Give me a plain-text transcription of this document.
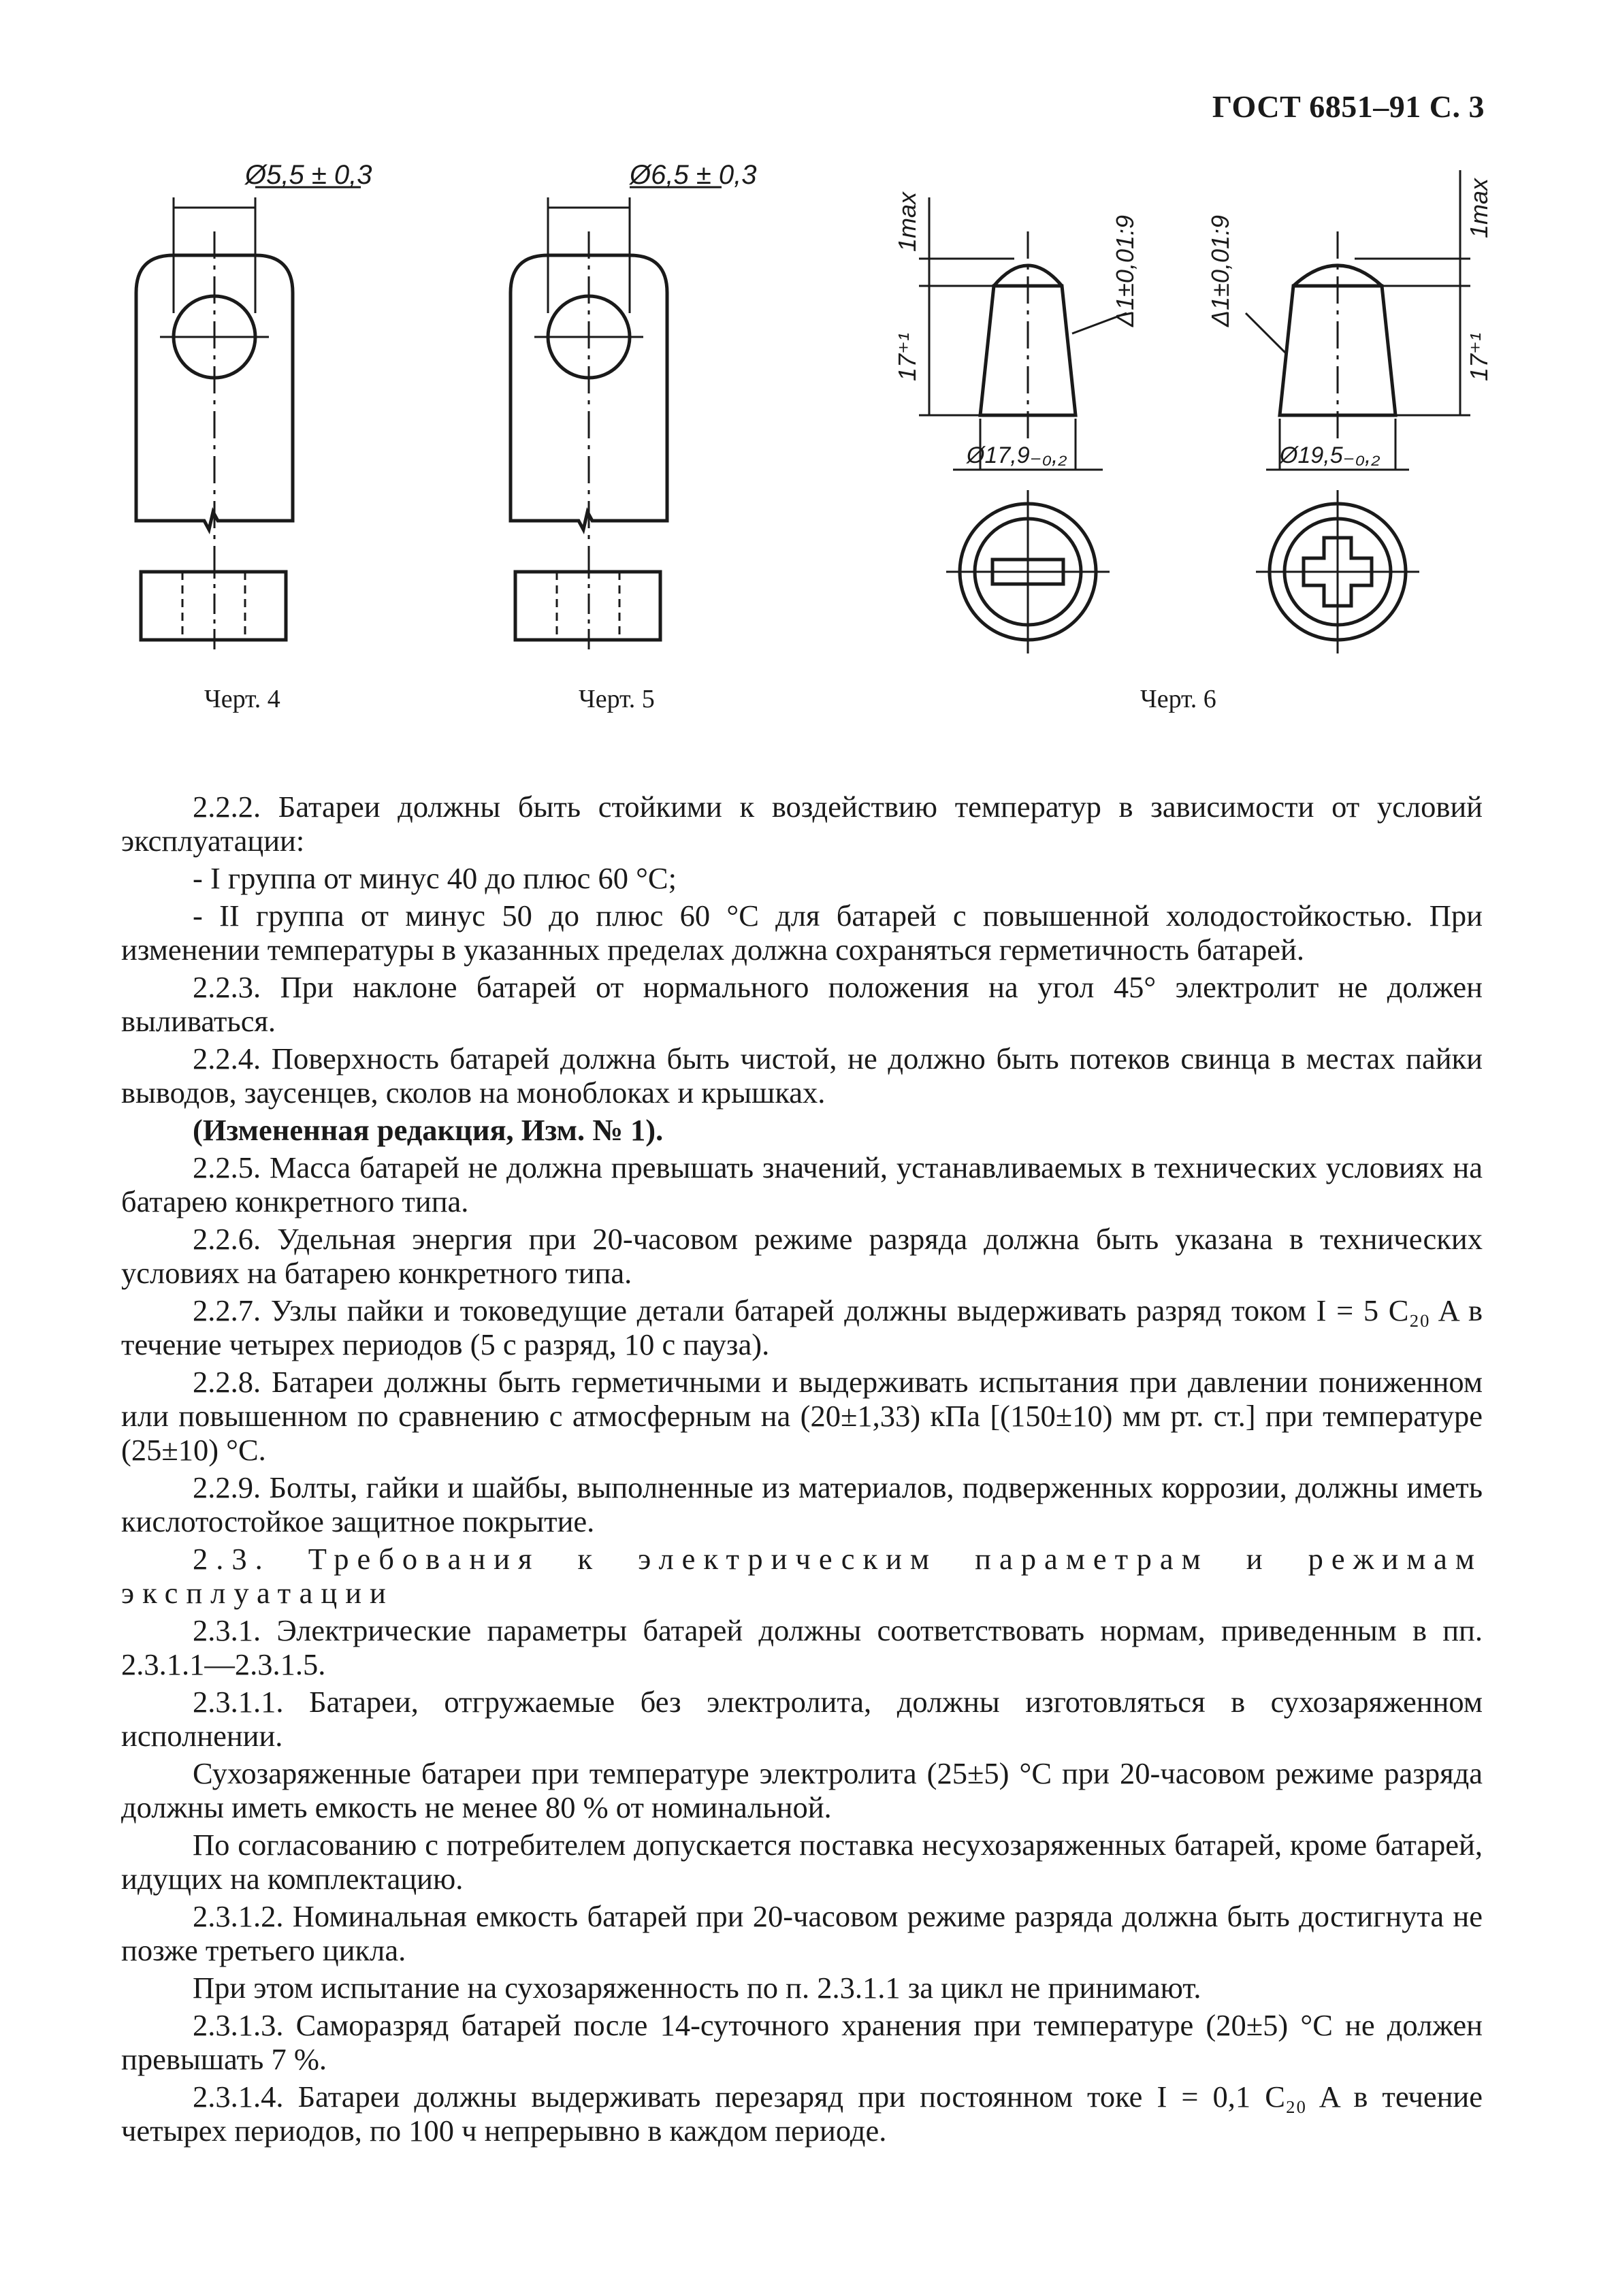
ГОСТ 6851–91 С. 3
Ø5,5 ± 0,3
Черт. 4
Ø6,5 ± 0,3
Черт. 5
1max
17⁺¹
Δ1±0,01:9
Ø17,9₋₀,₂
Δ1±0,01:9
1max
17⁺¹
Ø19,5₋₀,₂
Черт. 6

2.2.2. Батареи должны быть стойкими к воздействию температур в зависимости от условий эксплуатации:

- I группа от минус 40 до плюс 60 °С;

- II группа от минус 50 до плюс 60 °С для батарей с повышенной холодостойкостью. При изменении температуры в указанных пределах должна сохраняться герметичность батарей.

2.2.3. При наклоне батарей от нормального положения на угол 45° электролит не должен выливаться.

2.2.4. Поверхность батарей должна быть чистой, не должно быть потеков свинца в местах пайки выводов, заусенцев, сколов на моноблоках и крышках.

(Измененная редакция, Изм. № 1).

2.2.5. Масса батарей не должна превышать значений, устанавливаемых в технических условиях на батарею конкретного типа.

2.2.6. Удельная энергия при 20-часовом режиме разряда должна быть указана в технических условиях на батарею конкретного типа.

2.2.7. Узлы пайки и токоведущие детали батарей должны выдерживать разряд током I = 5 C₂₀ A в течение четырех периодов (5 с разряд, 10 с пауза).

2.2.8. Батареи должны быть герметичными и выдерживать испытания при давлении пониженном или повышенном по сравнению с атмосферным на (20±1,33) кПа [(150±10) мм рт. ст.] при температуре (25±10) °С.

2.2.9. Болты, гайки и шайбы, выполненные из материалов, подверженных коррозии, должны иметь кислотостойкое защитное покрытие.

2.3. Требования к электрическим параметрам и режимам эксплуатации

2.3.1. Электрические параметры батарей должны соответствовать нормам, приведенным в пп. 2.3.1.1—2.3.1.5.

2.3.1.1. Батареи, отгружаемые без электролита, должны изготовляться в сухозаряженном исполнении.

Сухозаряженные батареи при температуре электролита (25±5) °С при 20-часовом режиме разряда должны иметь емкость не менее 80 % от номинальной.

По согласованию с потребителем допускается поставка несухозаряженных батарей, кроме батарей, идущих на комплектацию.

2.3.1.2. Номинальная емкость батарей при 20-часовом режиме разряда должна быть достигнута не позже третьего цикла.

При этом испытание на сухозаряженность по п. 2.3.1.1 за цикл не принимают.

2.3.1.3. Саморазряд батарей после 14-суточного хранения при температуре (20±5) °С не должен превышать 7 %.

2.3.1.4. Батареи должны выдерживать перезаряд при постоянном токе I = 0,1 C₂₀ A в течение четырех периодов, по 100 ч непрерывно в каждом периоде.
